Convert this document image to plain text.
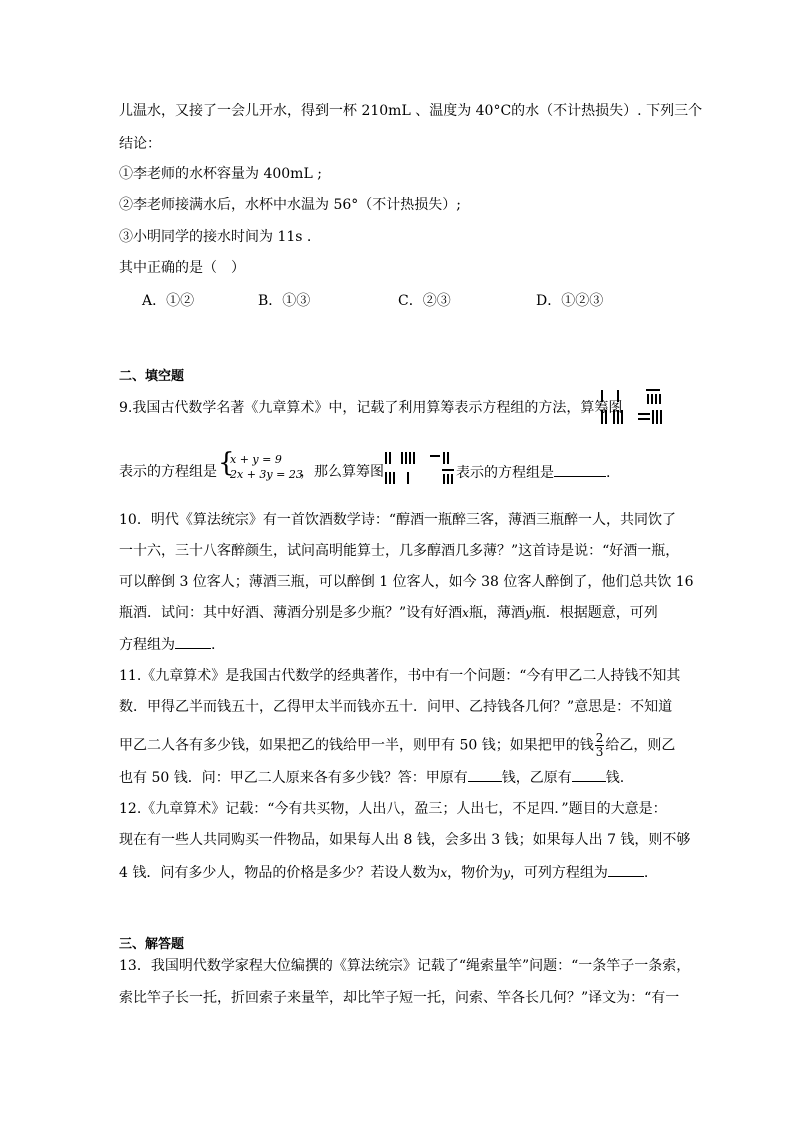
儿温水，又接了一会儿开水，得到一杯 210mL 、温度为 40°C的水（不计热损失）. 下列三个
结论：
①李老师的水杯容量为 400mL ;
②李老师接满水后，水杯中水温为 56°（不计热损失）;
③小明同学的接水时间为 11s .
其中正确的是（　）
A．①②	B．①③	C．②③	D．①②③
二、填空题
9.我国古代数学名著《九章算术》中，记载了利用算筹表示方程组的方法，算筹图
表示的方程组是 {
x + y = 9
2x + 3y = 23
，那么算筹图	表示的方程组是	.
10．明代《算法统宗》有一首饮酒数学诗：“醇酒一瓶醉三客，薄酒三瓶醉一人，共同饮了
一十六，三十八客醉颜生，试问高明能算士，几多醇酒几多薄？”这首诗是说：“好酒一瓶，
可以醉倒 3 位客人；薄酒三瓶，可以醉倒 1 位客人，如今 38 位客人醉倒了，他们总共饮 16
瓶酒．试问：其中好酒、薄酒分别是多少瓶？”设有好酒x瓶，薄酒y瓶．根据题意，可列
方程组为	.
11.《九章算术》是我国古代数学的经典著作，书中有一个问题：“今有甲乙二人持钱不知其
数．甲得乙半而钱五十，乙得甲太半而钱亦五十．问甲、乙持钱各几何？”意思是：不知道
甲乙二人各有多少钱，如果把乙的钱给甲一半，则甲有 50 钱；如果把甲的钱 $\frac{2}{3}$ 给乙，则乙
也有 50 钱．问：甲乙二人原来各有多少钱？答：甲原有 钱，乙原有 钱.
12.《九章算术》记载：“今有共买物，人出八，盈三；人出七，不足四．”题目的大意是：
现在有一些人共同购买一件物品，如果每人出 8 钱，会多出 3 钱；如果每人出 7 钱，则不够
4 钱．问有多少人，物品的价格是多少？若设人数为x，物价为y，可列方程组为	.
三、解答题
13．我国明代数学家程大位编撰的《算法统宗》记载了“绳索量竿”问题：“一条竿子一条索，
索比竿子长一托，折回索子来量竿，却比竿子短一托，问索、竿各长几何？”译文为：“有一
